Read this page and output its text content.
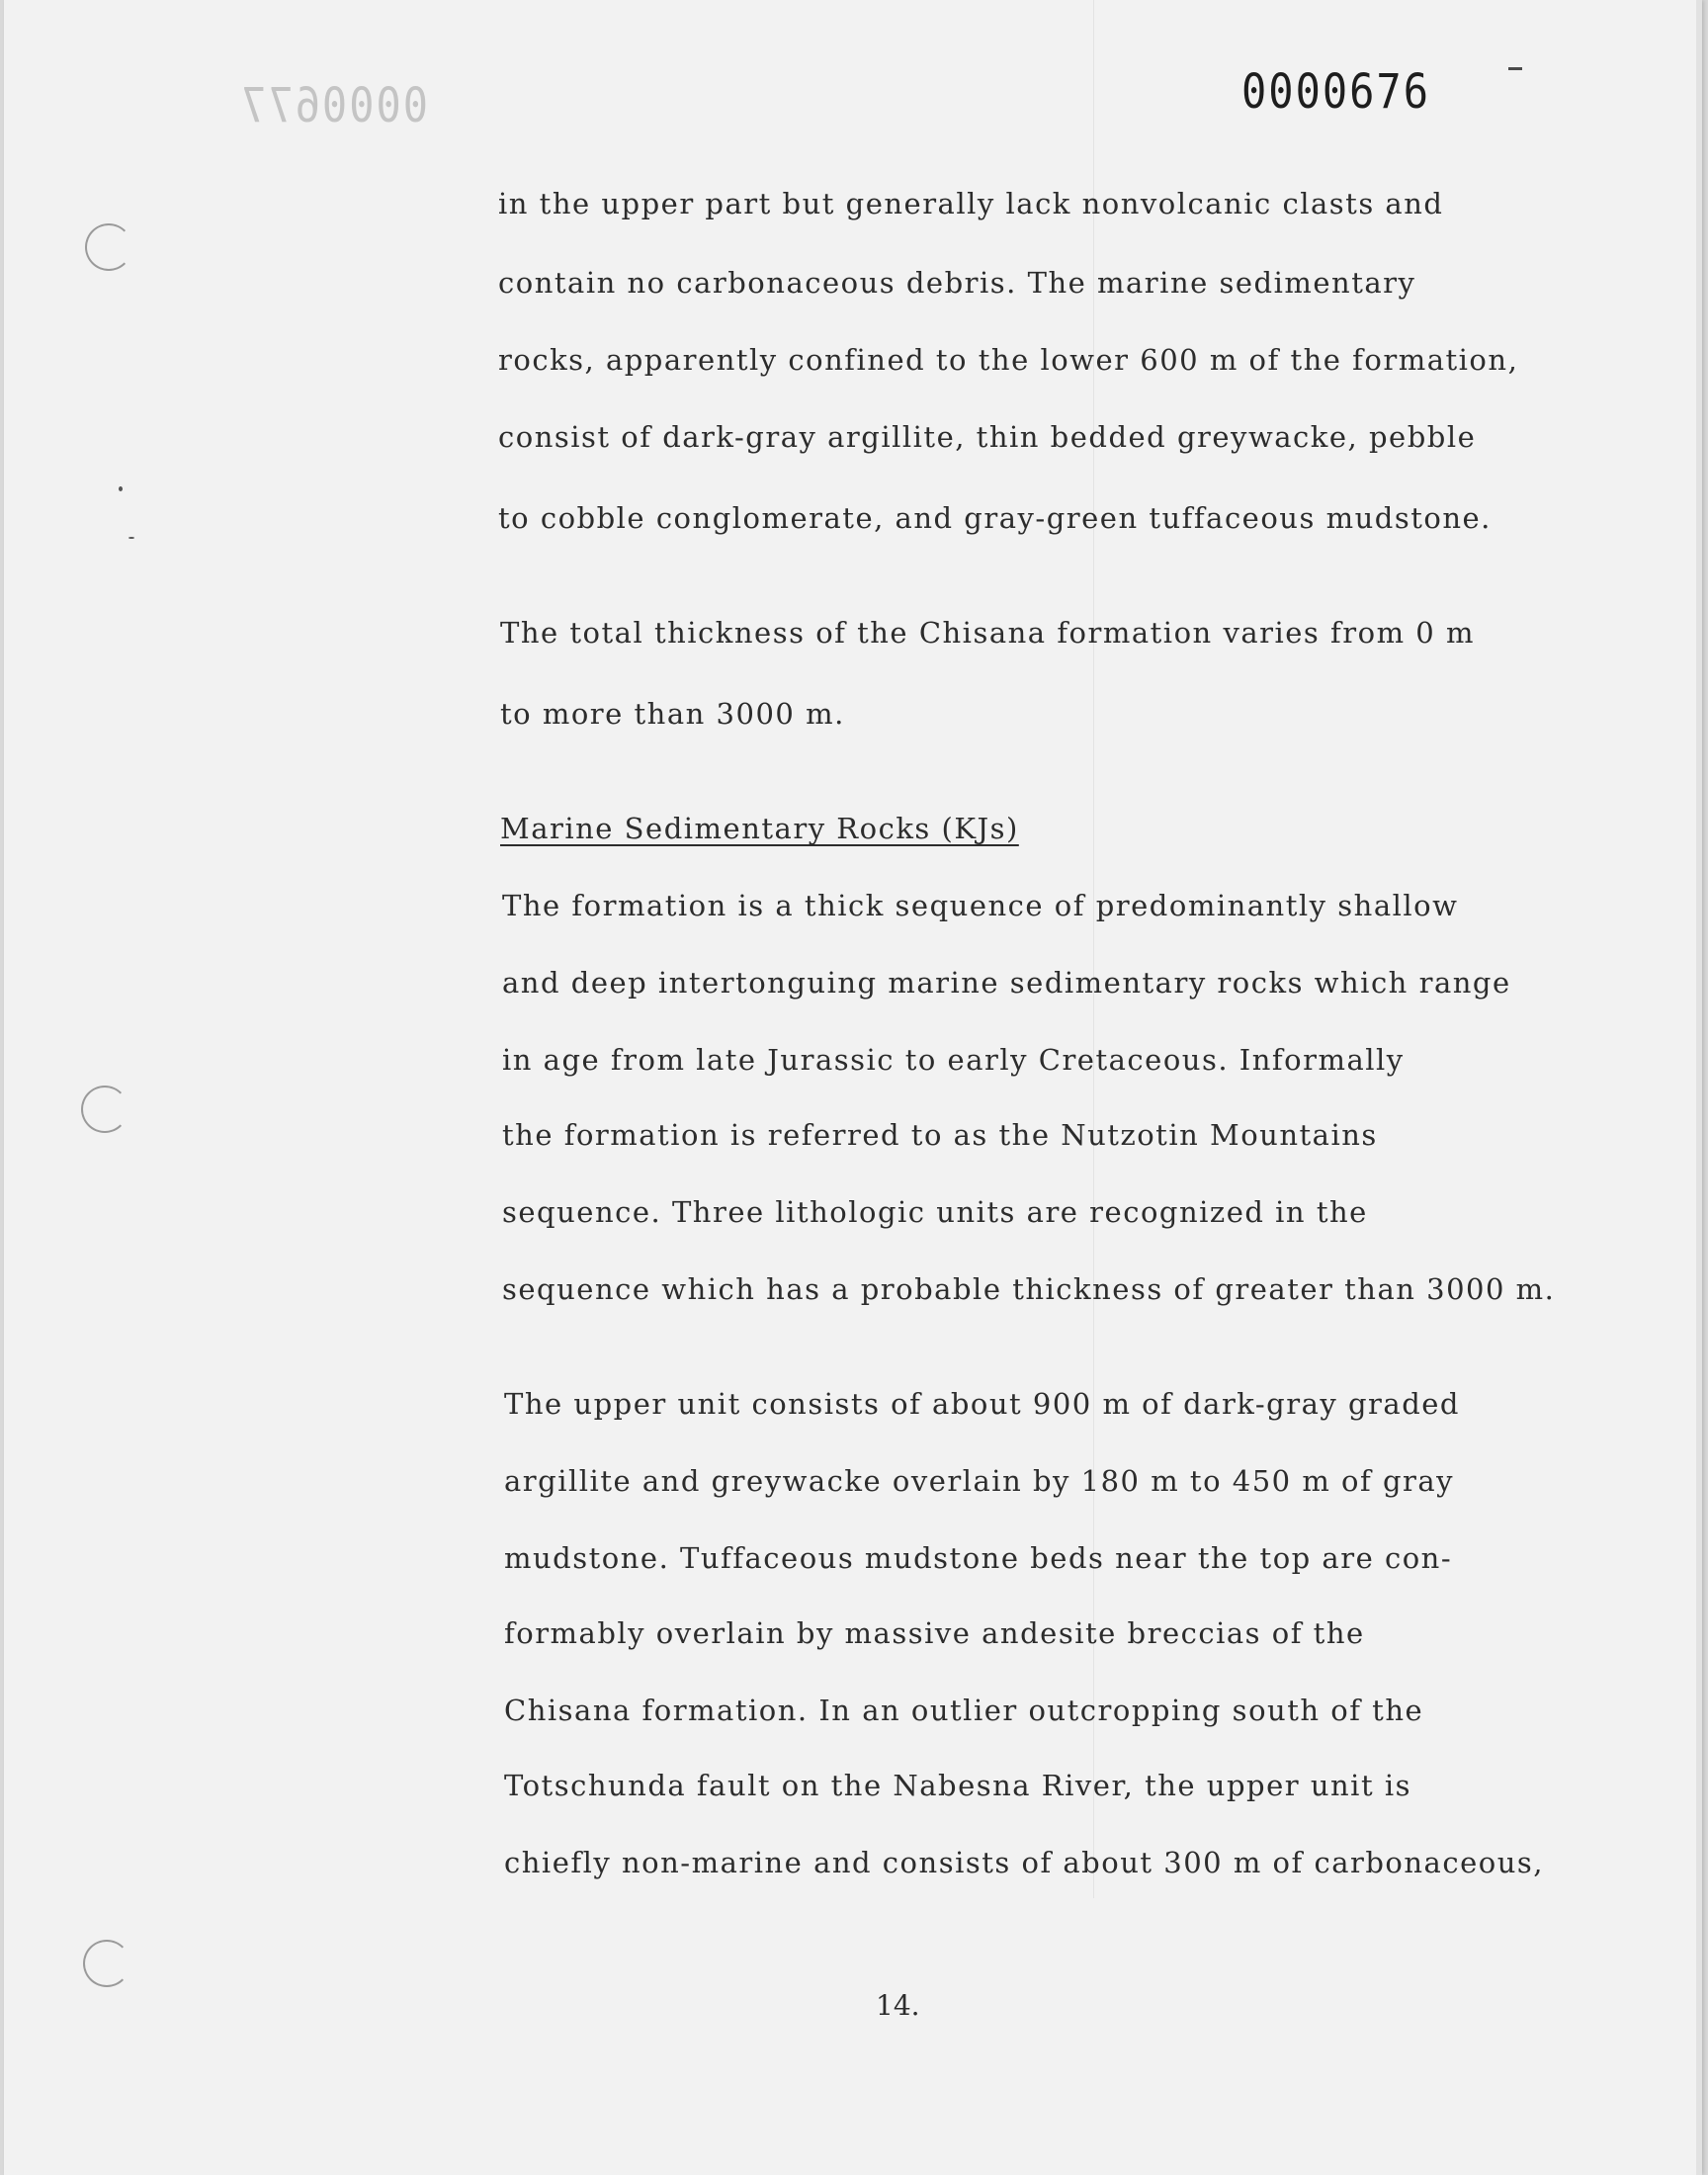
0000677	0000676

in the upper part but generally lack nonvolcanic clasts and

contain no carbonaceous debris. The marine sedimentary

rocks, apparently confined to the lower 600 m of the formation,

consist of dark-gray argillite, thin bedded greywacke, pebble

to cobble conglomerate, and gray-green tuffaceous mudstone.

The total thickness of the Chisana formation varies from 0 m

to more than 3000 m.

Marine Sedimentary Rocks (KJs)

The formation is a thick sequence of predominantly shallow

and deep intertonguing marine sedimentary rocks which range

in age from late Jurassic to early Cretaceous. Informally

the formation is referred to as the Nutzotin Mountains

sequence. Three lithologic units are recognized in the

sequence which has a probable thickness of greater than 3000 m.

The upper unit consists of about 900 m of dark-gray graded

argillite and greywacke overlain by 180 m to 450 m of gray

mudstone. Tuffaceous mudstone beds near the top are con-

formably overlain by massive andesite breccias of the

Chisana formation. In an outlier outcropping south of the

Totschunda fault on the Nabesna River, the upper unit is

chiefly non-marine and consists of about 300 m of carbonaceous,

14.
